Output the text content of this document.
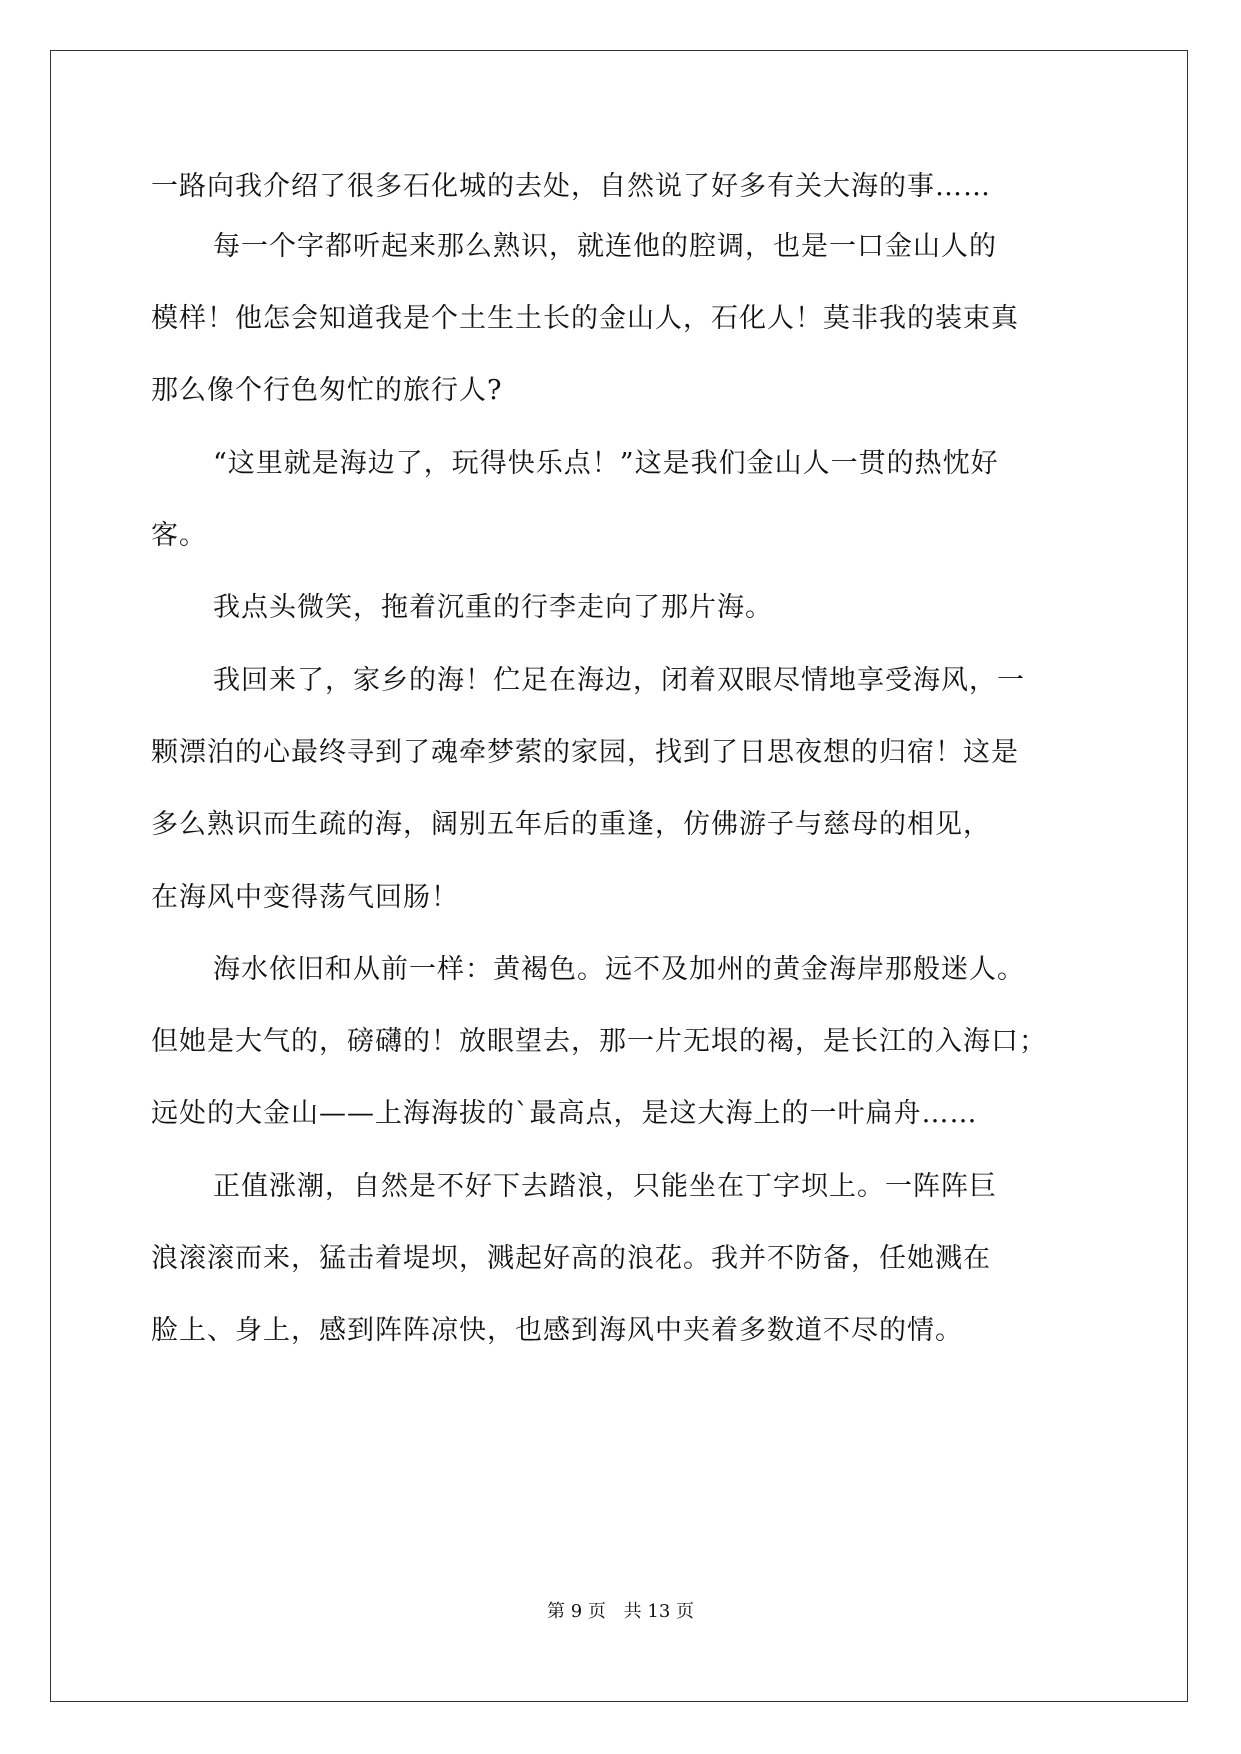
一路向我介绍了很多石化城的去处，自然说了好多有关大海的事……

每一个字都听起来那么熟识，就连他的腔调，也是一口金山人的

模样！他怎会知道我是个土生土长的金山人，石化人！莫非我的装束真

那么像个行色匆忙的旅行人?

“这里就是海边了，玩得快乐点！”这是我们金山人一贯的热忱好

客。

我点头微笑，拖着沉重的行李走向了那片海。

我回来了，家乡的海！伫足在海边，闭着双眼尽情地享受海风，一

颗漂泊的心最终寻到了魂牵梦萦的家园，找到了日思夜想的归宿！这是

多么熟识而生疏的海，阔别五年后的重逢，仿佛游子与慈母的相见，

在海风中变得荡气回肠！

海水依旧和从前一样：黄褐色。远不及加州的黄金海岸那般迷人。

但她是大气的，磅礴的！放眼望去，那一片无垠的褐，是长江的入海口；

远处的大金山——上海海拔的`最高点，是这大海上的一叶扁舟……

正值涨潮，自然是不好下去踏浪，只能坐在丁字坝上。一阵阵巨

浪滚滚而来，猛击着堤坝，溅起好高的浪花。我并不防备，任她溅在

脸上、身上，感到阵阵凉快，也感到海风中夹着多数道不尽的情。

第 9 页 共 13 页
